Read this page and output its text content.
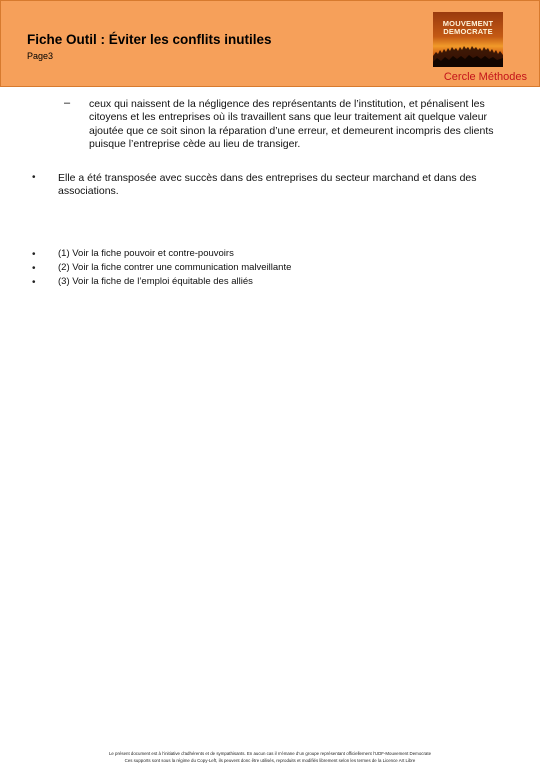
Fiche Outil : Éviter les conflits inutiles
Page3
MOUVEMENT
DEMOCRATE
Cercle Méthodes
– ceux qui naissent de la négligence des représentants de l’institution, et pénalisent les citoyens et les entreprises où ils travaillent sans que leur traitement ait quelque valeur ajoutée que ce soit sinon la réparation d’une erreur, et demeurent incompris des clients puisque l’entreprise cède au lieu de transiger.
• Elle a été transposée avec succès dans des entreprises du secteur marchand et dans des associations.
• (1) Voir la fiche pouvoir et contre-pouvoirs
• (2) Voir la fiche contrer une communication malveillante
• (3) Voir la fiche de l’emploi équitable des alliés
Le présent document est à l’initiative d’adhérents et de sympathisants. En aucun cas il n’émane d’un groupe représentant officiellement l’UDF-Mouvement Democrate
Ces supports sont sous la régime du Copy-Left, ils peuvent donc être utilisés, reproduits et modifiés librement selon les termes de la Licence Art Libre
